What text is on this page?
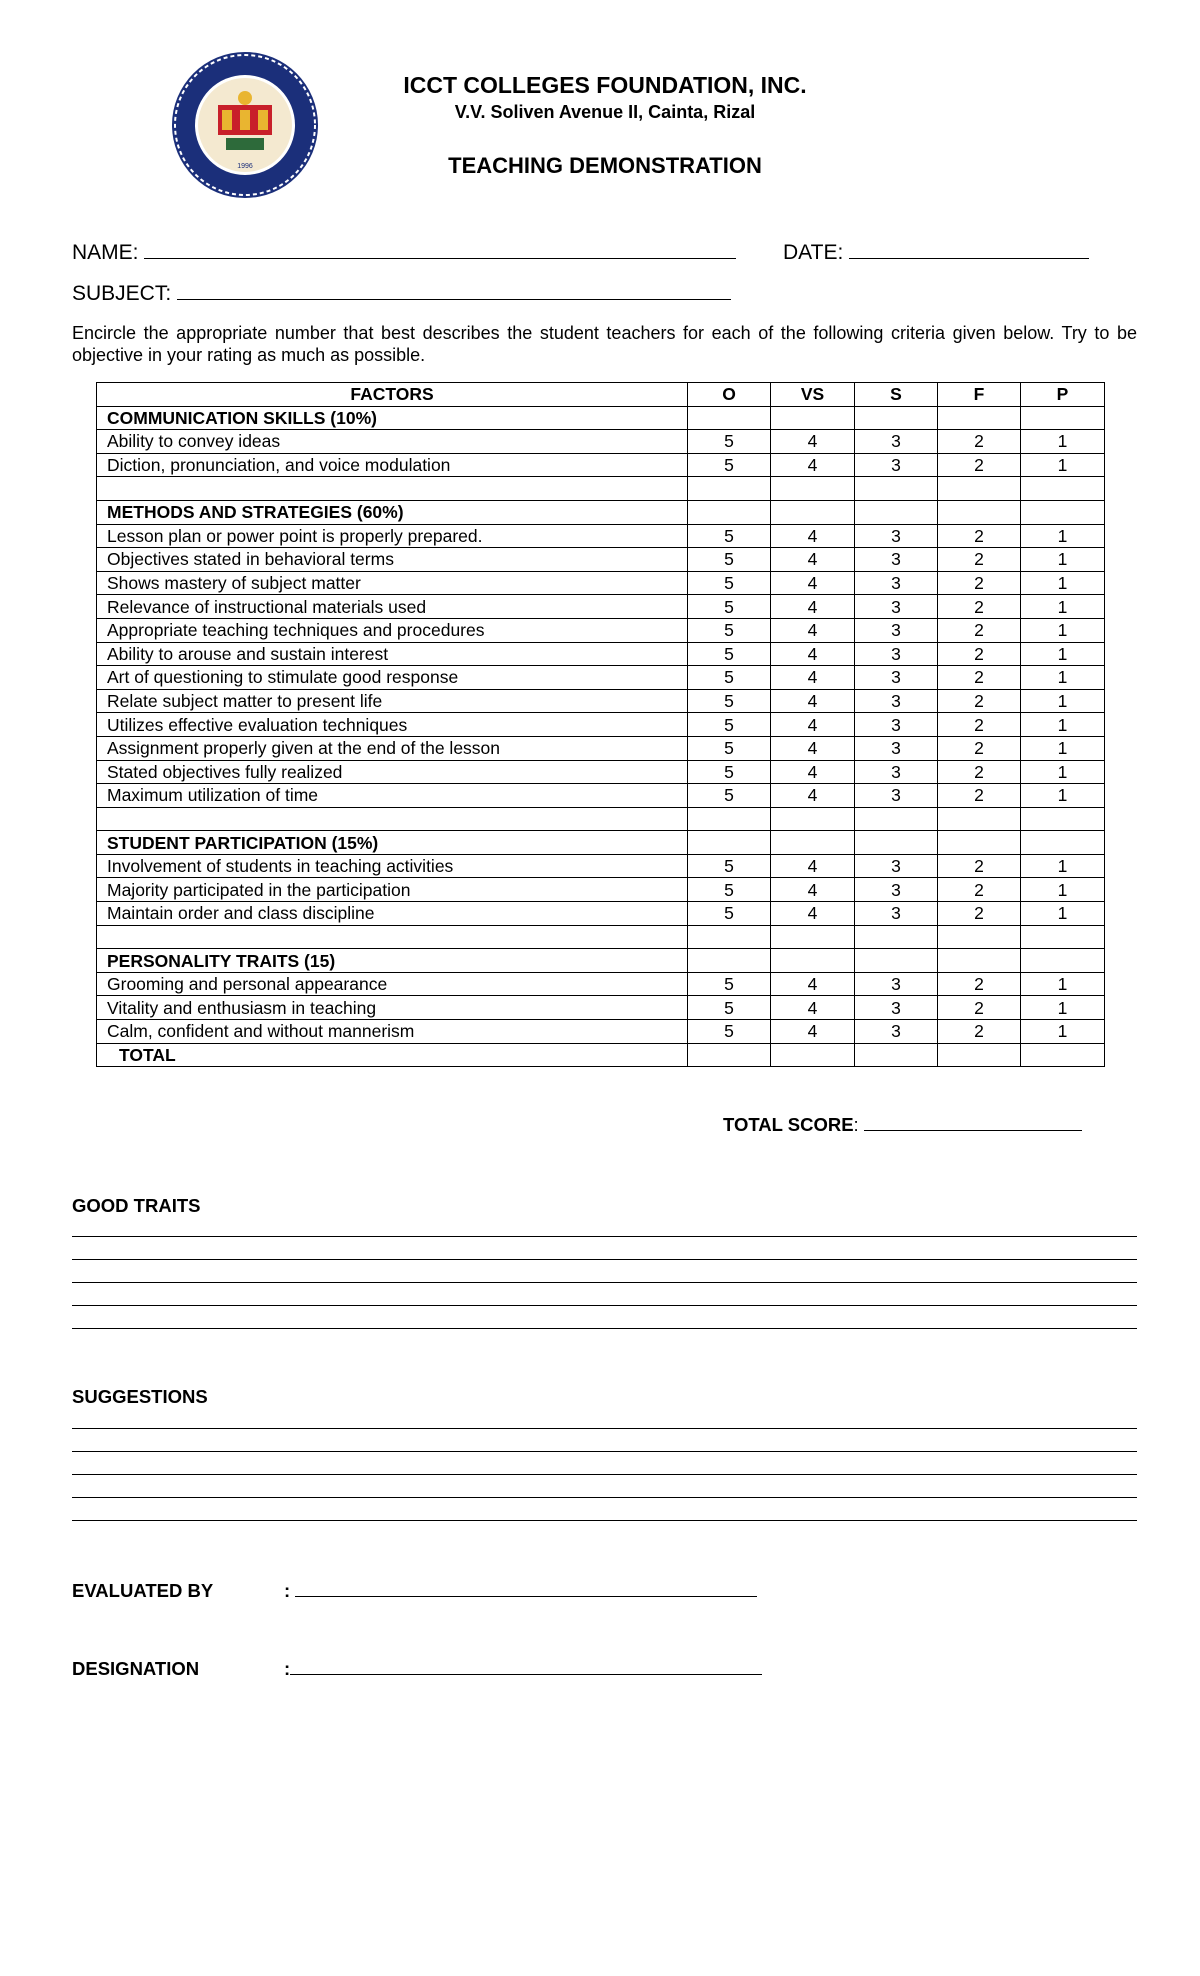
1996
ICCT COLLEGES FOUNDATION, INC.
V.V. Soliven Avenue II, Cainta, Rizal
TEACHING DEMONSTRATION
NAME:	DATE:
SUBJECT:
Encircle the appropriate number that best describes the student teachers for each of the following criteria given below. Try to be objective in your rating as much as possible.
FACTORS	O	VS	S	F	P
COMMUNICATION SKILLS (10%)					
Ability to convey ideas	5	4	3	2	1
Diction, pronunciation, and voice modulation	5	4	3	2	1

METHODS AND STRATEGIES (60%)					
Lesson plan or power point is properly prepared.	5	4	3	2	1
Objectives stated in behavioral terms	5	4	3	2	1
Shows mastery of subject matter	5	4	3	2	1
Relevance of instructional materials used	5	4	3	2	1
Appropriate teaching techniques and procedures	5	4	3	2	1
Ability to arouse and sustain interest	5	4	3	2	1
Art of questioning to stimulate good response	5	4	3	2	1
Relate subject matter to present life	5	4	3	2	1
Utilizes effective evaluation techniques	5	4	3	2	1
Assignment properly given at the end of the lesson	5	4	3	2	1
Stated objectives fully realized	5	4	3	2	1
Maximum utilization of time	5	4	3	2	1

STUDENT PARTICIPATION (15%)					
Involvement of students in teaching activities	5	4	3	2	1
Majority participated in the participation	5	4	3	2	1
Maintain order and class discipline	5	4	3	2	1

PERSONALITY TRAITS (15)					
Grooming and personal appearance	5	4	3	2	1
Vitality and enthusiasm in teaching	5	4	3	2	1
Calm, confident and without mannerism	5	4	3	2	1
TOTAL					
TOTAL SCORE:
GOOD TRAITS
SUGGESTIONS
EVALUATED BY	:
DESIGNATION	:
